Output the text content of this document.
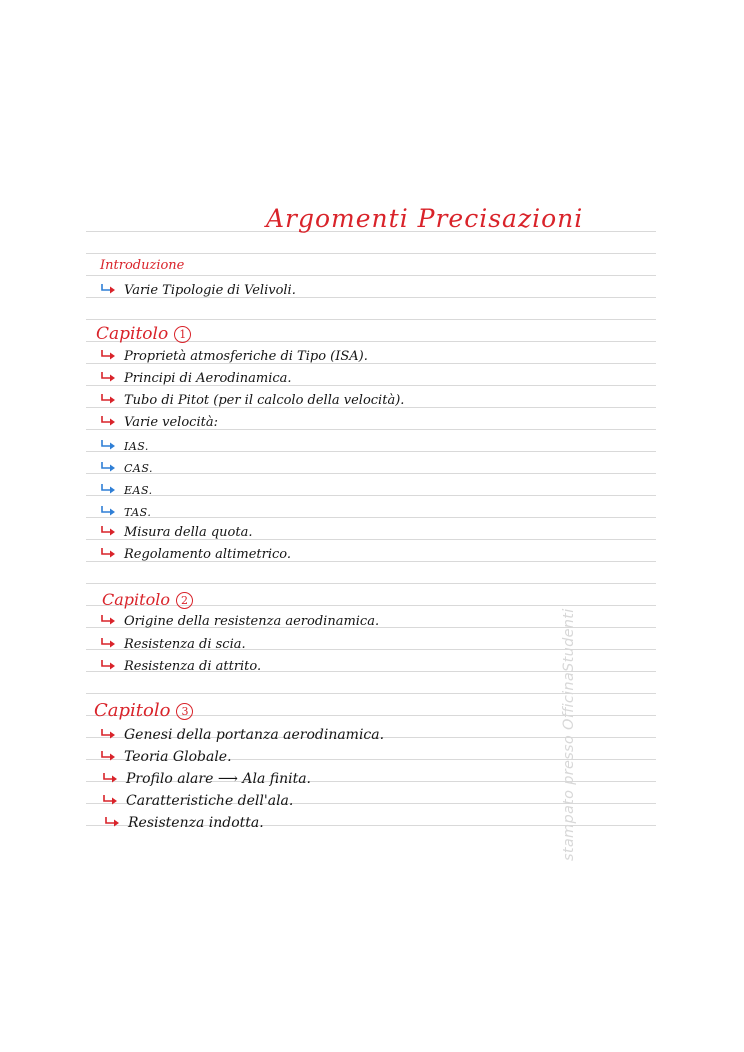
Argomenti Precisazioni
Introduzione
Varie Tipologie di Velivoli.
Capitolo 1
Proprietà atmosferiche di Tipo (ISA).
Principi di Aerodinamica.
Tubo di Pitot (per il calcolo della velocità).
Varie velocità:
IAS.
CAS.
EAS.
TAS.
Misura della quota.
Regolamento altimetrico.
Capitolo 2
Origine della resistenza aerodinamica.
Resistenza di scia.
Resistenza di attrito.
Capitolo 3
Genesi della portanza aerodinamica.
Teoria Globale.
Profilo alare ⟶ Ala finita.
Caratteristiche dell'ala.
Resistenza indotta.	stampato presso OfficinaStudenti
